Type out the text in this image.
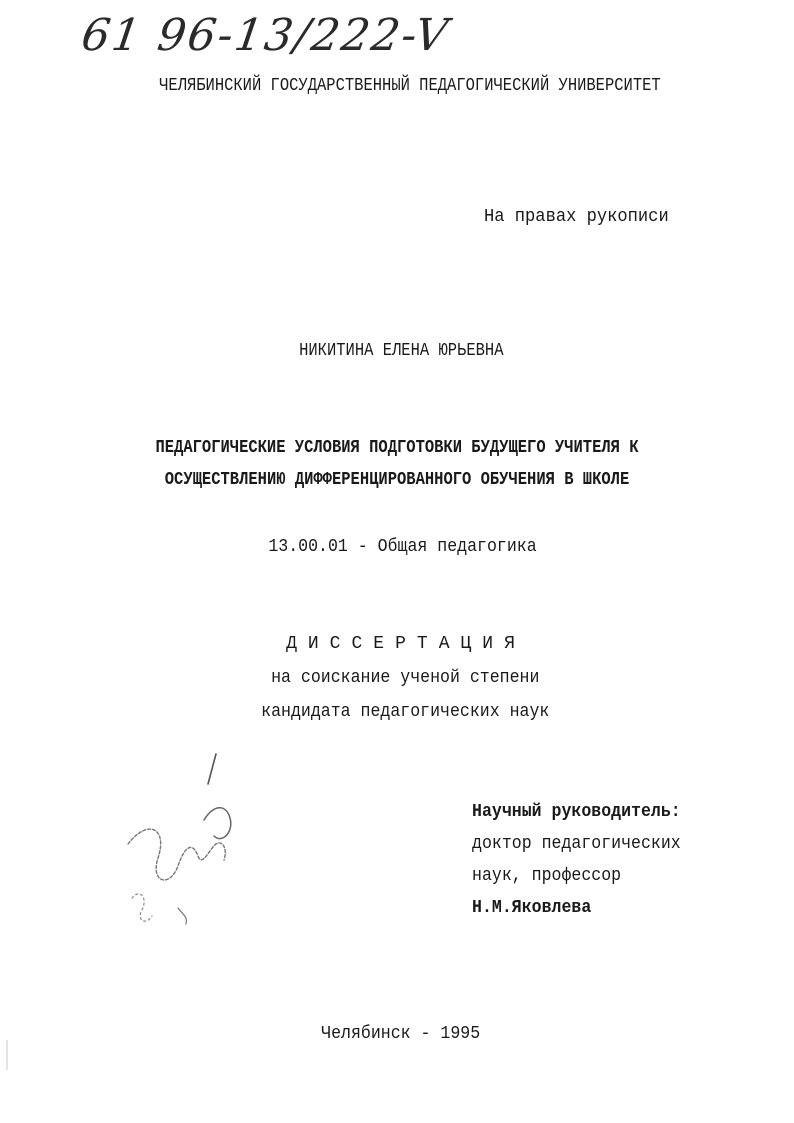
61 96-13/222-V
ЧЕЛЯБИНСКИЙ ГОСУДАРСТВЕННЫЙ ПЕДАГОГИЧЕСКИЙ УНИВЕРСИТЕТ
На правах рукописи
НИКИТИНА ЕЛЕНА ЮРЬЕВНА
ПЕДАГОГИЧЕСКИЕ УСЛОВИЯ ПОДГОТОВКИ БУДУЩЕГО УЧИТЕЛЯ К
ОСУЩЕСТВЛЕНИЮ ДИФФЕРЕНЦИРОВАННОГО ОБУЧЕНИЯ В ШКОЛЕ
13.00.01 - Общая педагогика
ДИССЕРТАЦИЯ
на соискание ученой степени
кандидата педагогических наук
Научный руководитель:
доктор педагогических
наук, профессор
Н.М.Яковлева
Челябинск - 1995
